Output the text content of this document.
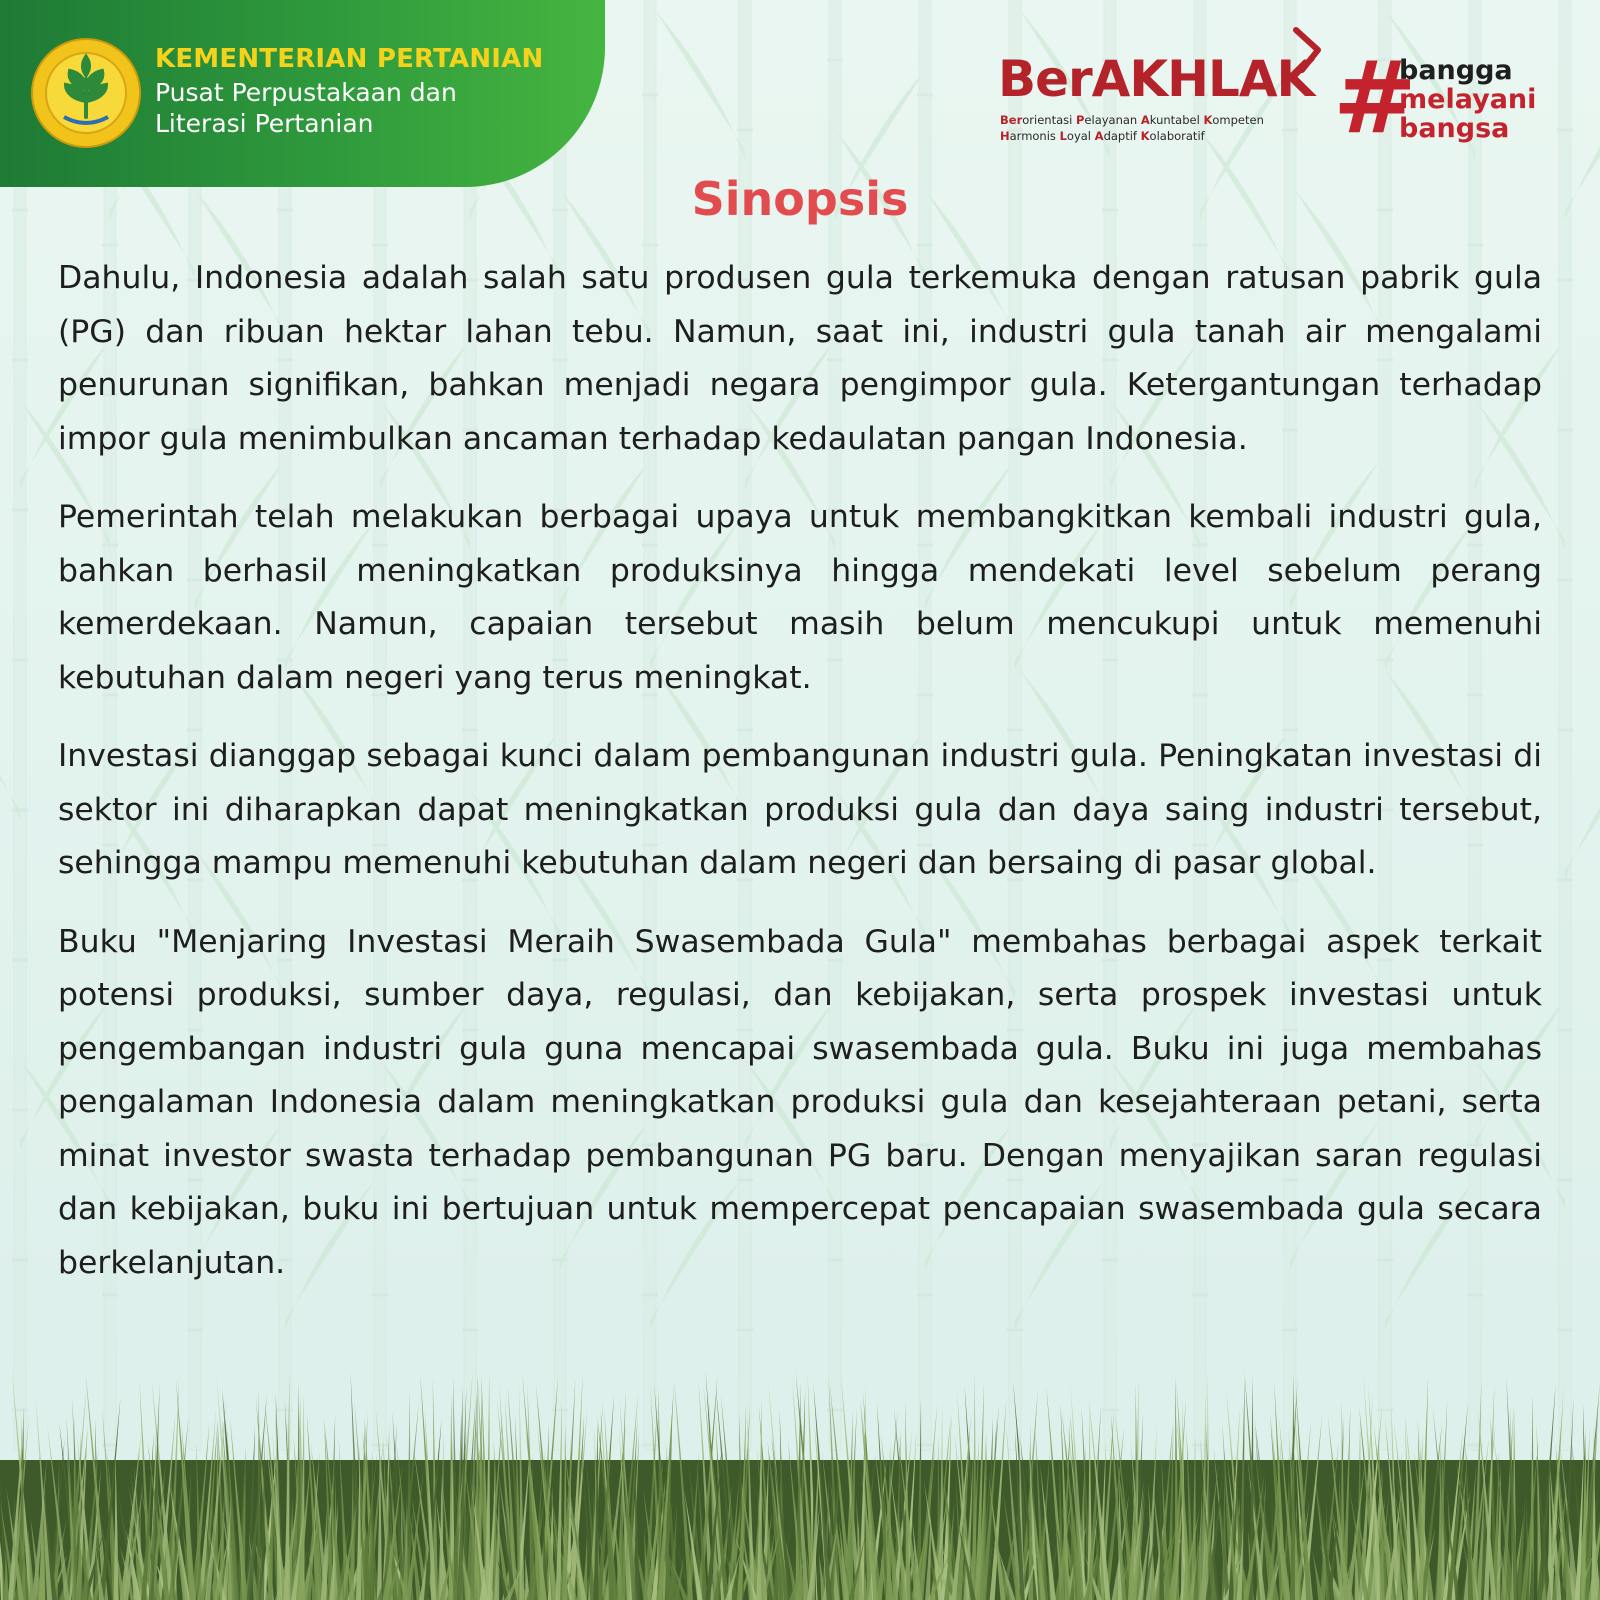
KEMENTERIAN PERTANIAN
Pusat Perpustakaan dan
Literasi Pertanian
BerAKHLAK
Berorientasi Pelayanan Akuntabel Kompeten
Harmonis Loyal Adaptif Kolaboratif	#
bangga
melayani
bangsa
Sinopsis

Dahulu, Indonesia adalah salah satu produsen gula terkemuka dengan ratusan pabrik gula (PG) dan ribuan hektar lahan tebu. Namun, saat ini, industri gula tanah air mengalami penurunan signifikan, bahkan menjadi negara pengimpor gula. Ketergantungan terhadap impor gula menimbulkan ancaman terhadap kedaulatan pangan Indonesia.

Pemerintah telah melakukan berbagai upaya untuk membangkitkan kembali industri gula, bahkan berhasil meningkatkan produksinya hingga mendekati level sebelum perang kemerdekaan. Namun, capaian tersebut masih belum mencukupi untuk memenuhi kebutuhan dalam negeri yang terus meningkat.

Investasi dianggap sebagai kunci dalam pembangunan industri gula. Peningkatan investasi di sektor ini diharapkan dapat meningkatkan produksi gula dan daya saing industri tersebut, sehingga mampu memenuhi kebutuhan dalam negeri dan bersaing di pasar global.

Buku "Menjaring Investasi Meraih Swasembada Gula" membahas berbagai aspek terkait potensi produksi, sumber daya, regulasi, dan kebijakan, serta prospek investasi untuk pengembangan industri gula guna mencapai swasembada gula. Buku ini juga membahas pengalaman Indonesia dalam meningkatkan produksi gula dan kesejahteraan petani, serta minat investor swasta terhadap pembangunan PG baru. Dengan menyajikan saran regulasi dan kebijakan, buku ini bertujuan untuk mempercepat pencapaian swasembada gula secara berkelanjutan.
